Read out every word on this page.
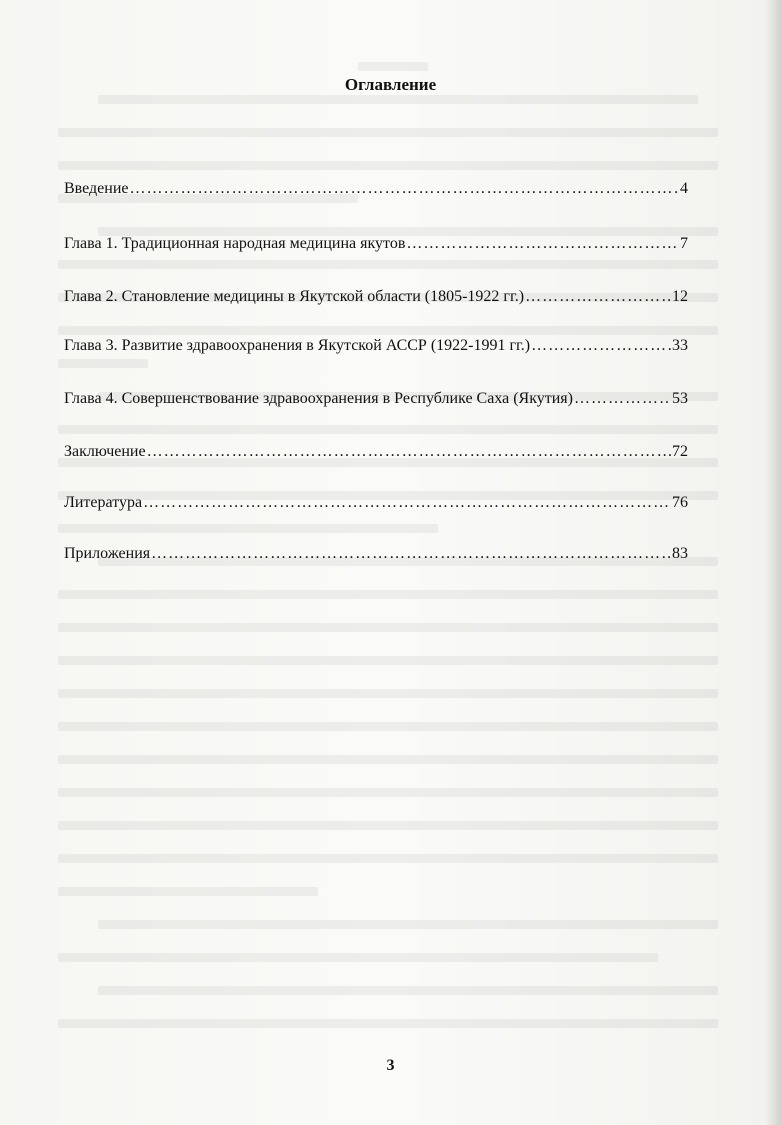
Оглавление
Введение ……………………………………………………………………………………………………………………………………………………………………	4
Глава 1. Традиционная народная медицина якутов ……………………………………………………………………………………………………………………………………………………………………	7
Глава 2. Становление медицины в Якутской области (1805-1922 гг.) ……………………………………………………………………………………………………………………………………………………………………	12
Глава 3. Развитие здравоохранения в Якутской АССР (1922-1991 гг.) ……………………………………………………………………………………………………………………………………………………………………	33
Глава 4. Совершенствование здравоохранения в Республике Саха (Якутия) ……………………………………………………………………………………………………………………………………………………………………	53
Заключение ……………………………………………………………………………………………………………………………………………………………………	72
Литература ……………………………………………………………………………………………………………………………………………………………………	76
Приложения ……………………………………………………………………………………………………………………………………………………………………	83
3
